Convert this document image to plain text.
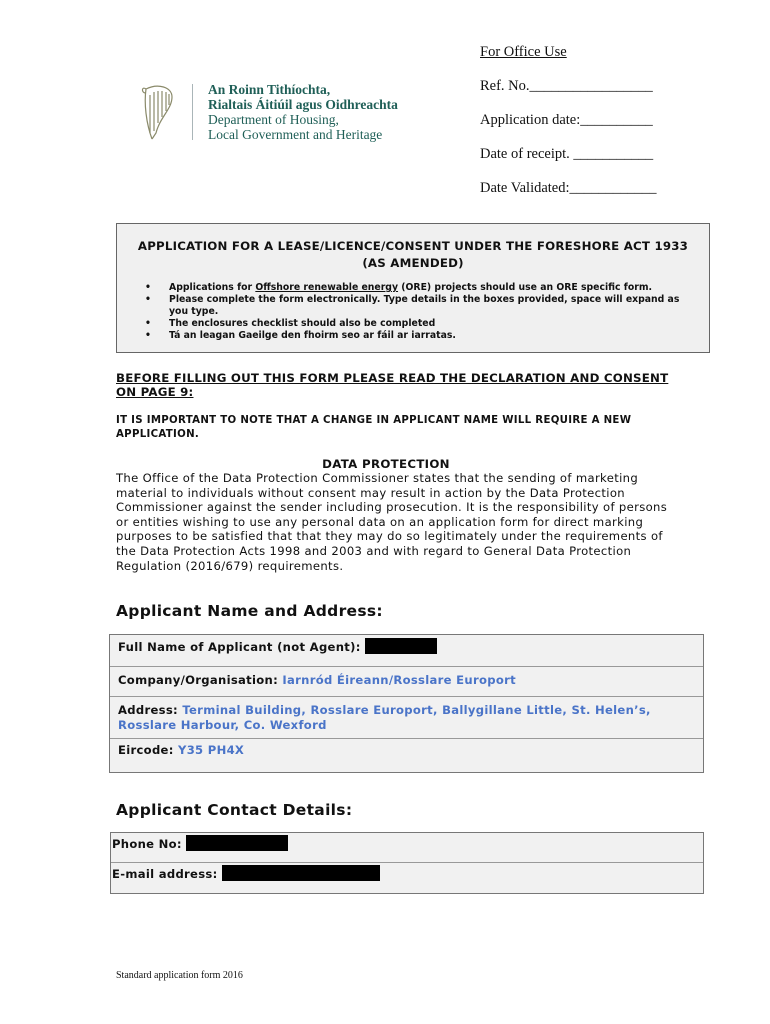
For Office Use
Ref. No._________________
Application date:__________
Date of receipt. ___________
Date Validated:____________
An Roinn Tithíochta,
Rialtais Áitiúil agus Oidhreachta
Department of Housing,
Local Government and Heritage
APPLICATION FOR A LEASE/LICENCE/CONSENT UNDER THE FORESHORE ACT 1933 (AS AMENDED)
• Applications for Offshore renewable energy (ORE) projects should use an ORE specific form.
• Please complete the form electronically. Type details in the boxes provided, space will expand as you type.
• The enclosures checklist should also be completed
• Tá an leagan Gaeilge den fhoirm seo ar fáil ar iarratas.
BEFORE FILLING OUT THIS FORM PLEASE READ THE DECLARATION AND CONSENT ON PAGE 9:
IT IS IMPORTANT TO NOTE THAT A CHANGE IN APPLICANT NAME WILL REQUIRE A NEW APPLICATION.
DATA PROTECTION
The Office of the Data Protection Commissioner states that the sending of marketing material to individuals without consent may result in action by the Data Protection Commissioner against the sender including prosecution. It is the responsibility of persons or entities wishing to use any personal data on an application form for direct marking purposes to be satisfied that that they may do so legitimately under the requirements of the Data Protection Acts 1998 and 2003 and with regard to General Data Protection Regulation (2016/679) requirements.
Applicant Name and Address:
Full Name of Applicant (not Agent):
Company/Organisation: Iarnród Éireann/Rosslare Europort
Address: Terminal Building, Rosslare Europort, Ballygillane Little, St. Helen’s, Rosslare Harbour, Co. Wexford
Eircode: Y35 PH4X
Applicant Contact Details:
Phone No:
E-mail address:
Standard application form 2016
